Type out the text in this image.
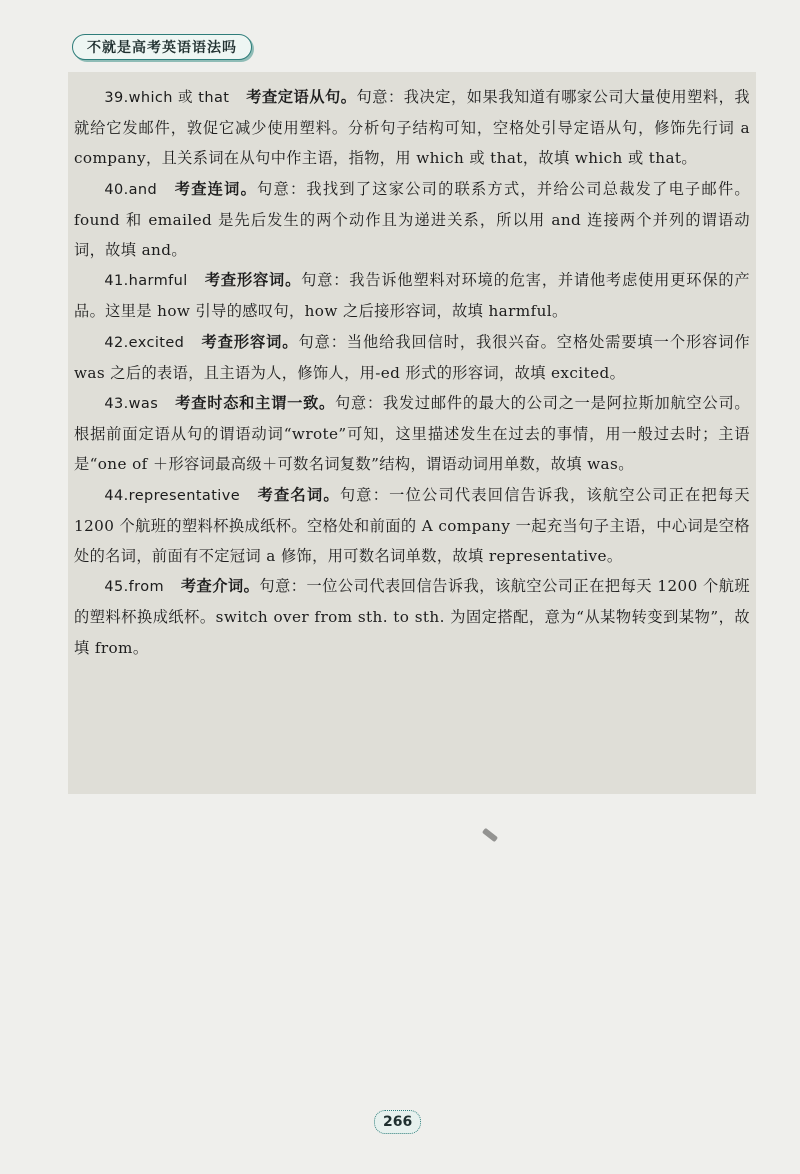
不就是高考英语语法吗

39.which 或 that 考查定语从句。句意：我决定，如果我知道有哪家公司大量使用塑料，我就给它发邮件，敦促它减少使用塑料。分析句子结构可知，空格处引导定语从句，修饰先行词 a company，且关系词在从句中作主语，指物，用 which 或 that，故填 which 或 that。

40.and 考查连词。句意：我找到了这家公司的联系方式，并给公司总裁发了电子邮件。found 和 emailed 是先后发生的两个动作且为递进关系，所以用 and 连接两个并列的谓语动词，故填 and。

41.harmful 考查形容词。句意：我告诉他塑料对环境的危害，并请他考虑使用更环保的产品。这里是 how 引导的感叹句，how 之后接形容词，故填 harmful。

42.excited 考查形容词。句意：当他给我回信时，我很兴奋。空格处需要填一个形容词作 was 之后的表语，且主语为人，修饰人，用-ed 形式的形容词，故填 excited。

43.was 考查时态和主谓一致。句意：我发过邮件的最大的公司之一是阿拉斯加航空公司。根据前面定语从句的谓语动词“wrote”可知，这里描述发生在过去的事情，用一般过去时；主语是“one of ＋形容词最高级＋可数名词复数”结构，谓语动词用单数，故填 was。

44.representative 考查名词。句意：一位公司代表回信告诉我，该航空公司正在把每天 1200 个航班的塑料杯换成纸杯。空格处和前面的 A company 一起充当句子主语，中心词是空格处的名词，前面有不定冠词 a 修饰，用可数名词单数，故填 representative。

45.from 考查介词。句意：一位公司代表回信告诉我，该航空公司正在把每天 1200 个航班的塑料杯换成纸杯。switch over from sth. to sth. 为固定搭配，意为“从某物转变到某物”，故填 from。

266
